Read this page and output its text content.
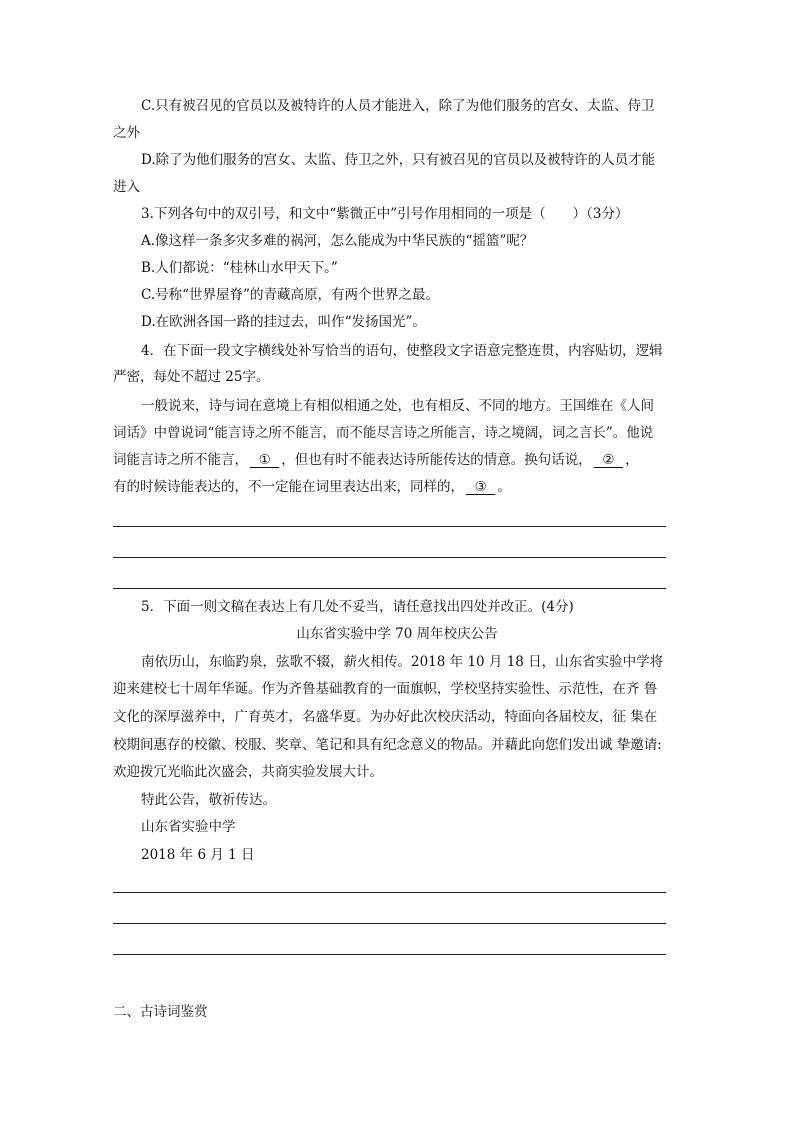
C.只有被召见的官员以及被特许的人员才能进入，除了为他们服务的宫女、太监、侍卫
之外
D.除了为他们服务的宫女、太监、侍卫之外，只有被召见的官员以及被特许的人员才能
进入
3.下列各句中的双引号，和文中“紫微正中”引号作用相同的一项是（　　）（3分）
A.像这样一条多灾多难的祸河，怎么能成为中华民族的“摇篮”呢？
B.人们都说：“桂林山水甲天下。”
C.号称“世界屋脊”的青藏高原，有两个世界之最。
D.在欧洲各国一路的挂过去，叫作“发扬国光”。
4．在下面一段文字横线处补写恰当的语句，使整段文字语意完整连贯，内容贴切，逻辑
严密，每处不超过 25字。
一般说来，诗与词在意境上有相似相通之处，也有相反、不同的地方。王国维在《人间
词话》中曾说词“能言诗之所不能言，而不能尽言诗之所能言，诗之境阔，词之言长”。他说
词能言诗之所不能言， ① ，但也有时不能表达诗所能传达的情意。换句话说， ② ，
有的时候诗能表达的，不一定能在词里表达出来，同样的， ③ 。
5．下面一则文稿在表达上有几处不妥当，请任意找出四处并改正。(4分)
山东省实验中学 70 周年校庆公告
南依历山，东临趵泉，弦歌不辍，薪火相传。2018 年 10 月 18 日，山东省实验中学将
迎来建校七十周年华诞。作为齐鲁基础教育的一面旗帜，学校坚持实验性、示范性，在齐 鲁
文化的深厚滋养中，广育英才，名盛华夏。为办好此次校庆活动，特面向各届校友，征 集在
校期间惠存的校徽、校服、奖章、笔记和具有纪念意义的物品。并藉此向您们发出诚 挚邀请:
欢迎拨冗光临此次盛会，共商实验发展大计。
特此公告，敬祈传达。
山东省实验中学
2018 年 6 月 1 日
二、古诗词鉴赏
